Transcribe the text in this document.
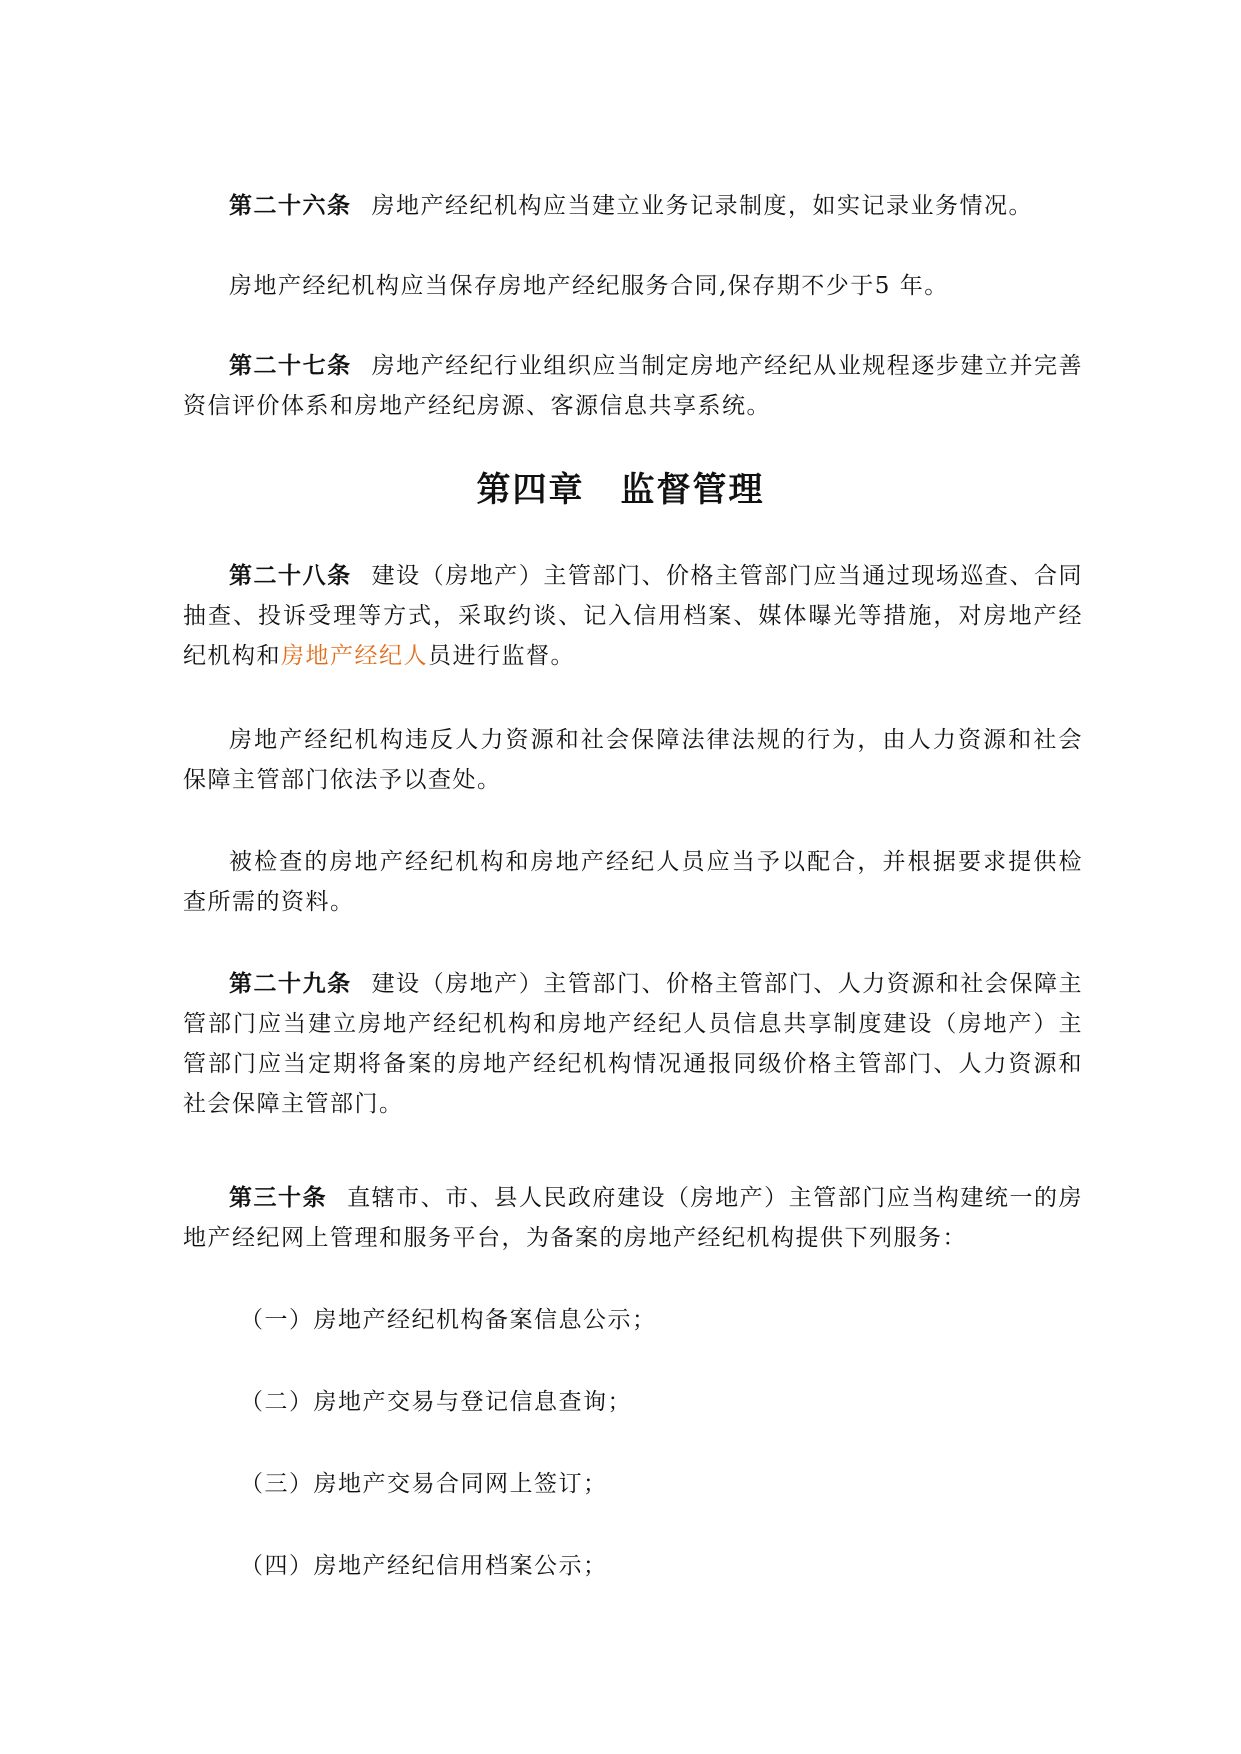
第二十六条 房地产经纪机构应当建立业务记录制度，如实记录业务情况。

房地产经纪机构应当保存房地产经纪服务合同,保存期不少于5 年。

第二十七条 房地产经纪行业组织应当制定房地产经纪从业规程逐步建立并完善资信评价体系和房地产经纪房源、客源信息共享系统。

第四章 监督管理

第二十八条 建设（房地产）主管部门、价格主管部门应当通过现场巡查、合同抽查、投诉受理等方式，采取约谈、记入信用档案、媒体曝光等措施，对房地产经纪机构和房地产经纪人员进行监督。

房地产经纪机构违反人力资源和社会保障法律法规的行为，由人力资源和社会保障主管部门依法予以查处。

被检查的房地产经纪机构和房地产经纪人员应当予以配合，并根据要求提供检查所需的资料。

第二十九条 建设（房地产）主管部门、价格主管部门、人力资源和社会保障主管部门应当建立房地产经纪机构和房地产经纪人员信息共享制度建设（房地产）主管部门应当定期将备案的房地产经纪机构情况通报同级价格主管部门、人力资源和社会保障主管部门。

第三十条 直辖市、市、县人民政府建设（房地产）主管部门应当构建统一的房地产经纪网上管理和服务平台，为备案的房地产经纪机构提供下列服务：

（一）房地产经纪机构备案信息公示；

（二）房地产交易与登记信息查询；

（三）房地产交易合同网上签订；

（四）房地产经纪信用档案公示；
